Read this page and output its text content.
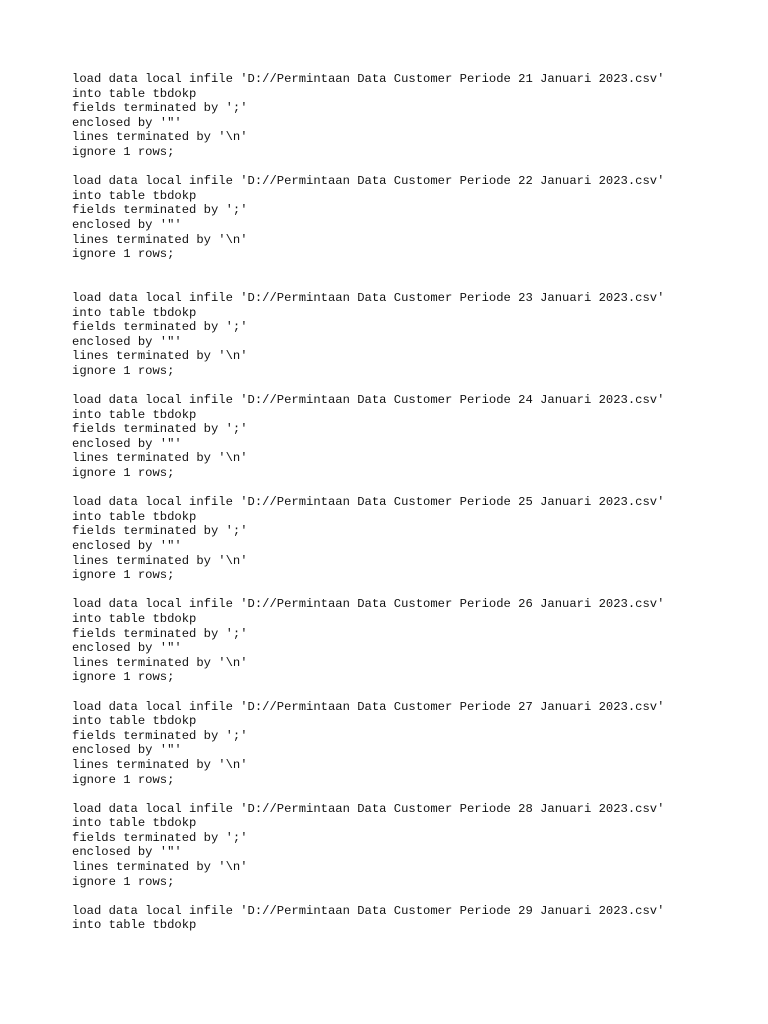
load data local infile 'D://Permintaan Data Customer Periode 21 Januari 2023.csv'
into table tbdokp
fields terminated by ';'
enclosed by '"'
lines terminated by '\n'
ignore 1 rows;
load data local infile 'D://Permintaan Data Customer Periode 22 Januari 2023.csv'
into table tbdokp
fields terminated by ';'
enclosed by '"'
lines terminated by '\n'
ignore 1 rows;
load data local infile 'D://Permintaan Data Customer Periode 23 Januari 2023.csv'
into table tbdokp
fields terminated by ';'
enclosed by '"'
lines terminated by '\n'
ignore 1 rows;
load data local infile 'D://Permintaan Data Customer Periode 24 Januari 2023.csv'
into table tbdokp
fields terminated by ';'
enclosed by '"'
lines terminated by '\n'
ignore 1 rows;
load data local infile 'D://Permintaan Data Customer Periode 25 Januari 2023.csv'
into table tbdokp
fields terminated by ';'
enclosed by '"'
lines terminated by '\n'
ignore 1 rows;
load data local infile 'D://Permintaan Data Customer Periode 26 Januari 2023.csv'
into table tbdokp
fields terminated by ';'
enclosed by '"'
lines terminated by '\n'
ignore 1 rows;
load data local infile 'D://Permintaan Data Customer Periode 27 Januari 2023.csv'
into table tbdokp
fields terminated by ';'
enclosed by '"'
lines terminated by '\n'
ignore 1 rows;
load data local infile 'D://Permintaan Data Customer Periode 28 Januari 2023.csv'
into table tbdokp
fields terminated by ';'
enclosed by '"'
lines terminated by '\n'
ignore 1 rows;
load data local infile 'D://Permintaan Data Customer Periode 29 Januari 2023.csv'
into table tbdokp
